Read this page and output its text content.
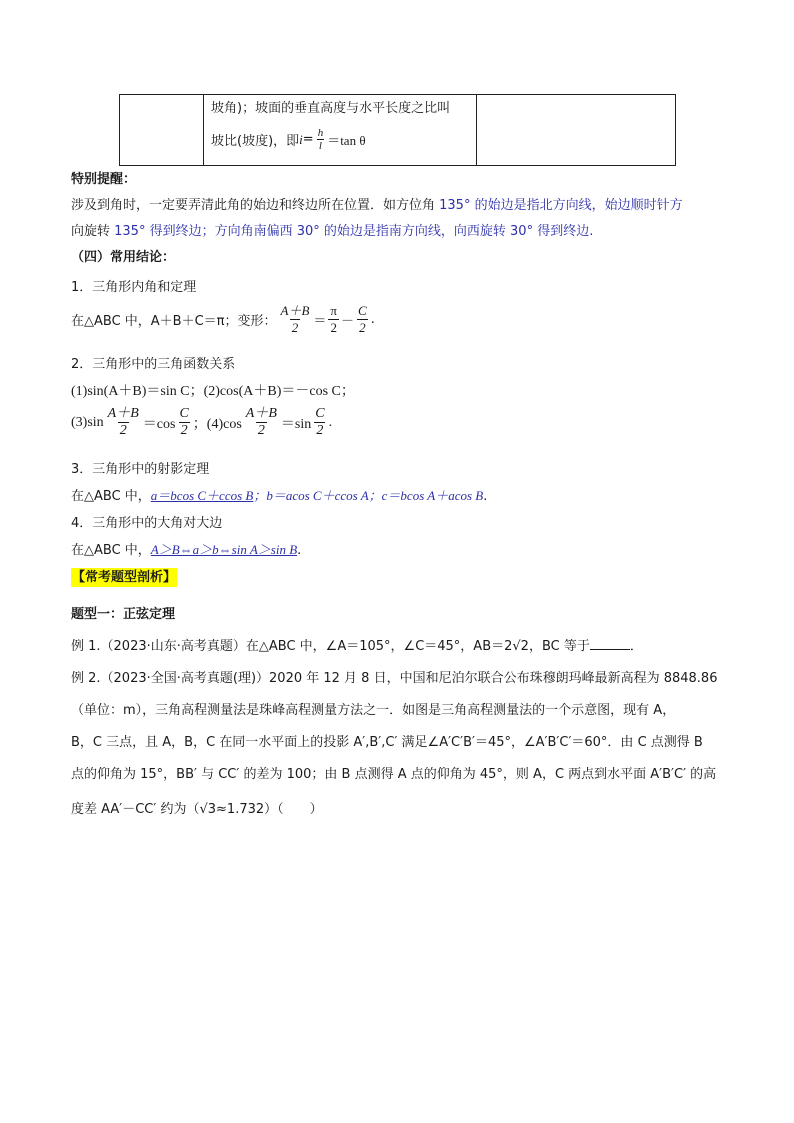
坡角)；坡面的垂直高度与水平长度之比叫
坡比(坡度)，即 $i = \frac{h}{l} =\tan$ θ
特别提醒：
涉及到角时，一定要弄清此角的始边和终边所在位置．如方位角 135° 的始边是指北方向线，始边顺时针方
向旋转 135° 得到终边；方向角南偏西 30° 的始边是指南方向线，向西旋转 30° 得到终边.
（四）常用结论：
1．三角形内角和定理
在△ABC 中，A＋B＋C＝π；变形： $\frac{A+B}{2} = \frac{\pi}{2} - \frac{C}{2}$ .
2．三角形中的三角函数关系
(1)sin(A＋B)＝sin C；(2)cos(A＋B)＝－cos C；
$(3)\sin \frac{A+B}{2} =\cos \frac{C}{2}$ ；$(4)\cos \frac{A+B}{2} =\sin \frac{C}{2}$ .
3．三角形中的射影定理
在△ABC 中，a＝bcos C＋ccos B；b＝acos C＋ccos A；c＝bcos A＋acos B.
4．三角形中的大角对大边
在△ABC 中，A＞B⇔a＞b⇔sin A＞sin B.
【常考题型剖析】
题型一：正弦定理
例 1.（2023·山东·高考真题）在△ABC 中，∠A＝105°，∠C＝45°，AB＝2√2，BC 等于	．
例 2.（2023·全国·高考真题(理)）2020 年 12 月 8 日，中国和尼泊尔联合公布珠穆朗玛峰最新高程为 8848.86
（单位：m），三角高程测量法是珠峰高程测量方法之一．如图是三角高程测量法的一个示意图，现有 A，
B，C 三点，且 A，B，C 在同一水平面上的投影 A′,B′,C′ 满足∠A′C′B′＝45°，∠A′B′C′＝60°．由 C 点测得 B
点的仰角为 15°，BB′ 与 CC′ 的差为 100；由 B 点测得 A 点的仰角为 45°，则 A，C 两点到水平面 A′B′C′ 的高
度差 AA′－CC′ 约为（√3≈1.732）（　　）
